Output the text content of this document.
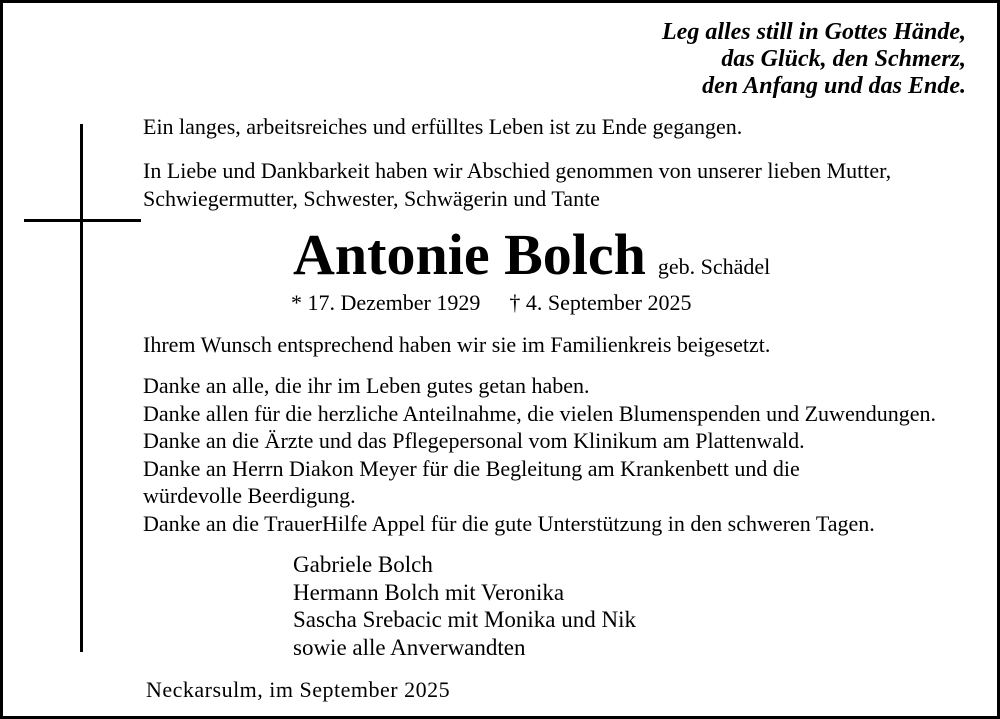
Leg alles still in Gottes Hände,
das Glück, den Schmerz,
den Anfang und das Ende.
Ein langes, arbeitsreiches und erfülltes Leben ist zu Ende gegangen.
In Liebe und Dankbarkeit haben wir Abschied genommen von unserer lieben Mutter,
Schwiegermutter, Schwester, Schwägerin und Tante
Antonie Bolch geb. Schädel
* 17. Dezember 1929 † 4. September 2025
Ihrem Wunsch entsprechend haben wir sie im Familienkreis beigesetzt.
Danke an alle, die ihr im Leben gutes getan haben.
Danke allen für die herzliche Anteilnahme, die vielen Blumenspenden und Zuwendungen.
Danke an die Ärzte und das Pflegepersonal vom Klinikum am Plattenwald.
Danke an Herrn Diakon Meyer für die Begleitung am Krankenbett und die
würdevolle Beerdigung.
Danke an die TrauerHilfe Appel für die gute Unterstützung in den schweren Tagen.
Gabriele Bolch
Hermann Bolch mit Veronika
Sascha Srebacic mit Monika und Nik
sowie alle Anverwandten
Neckarsulm, im September 2025
